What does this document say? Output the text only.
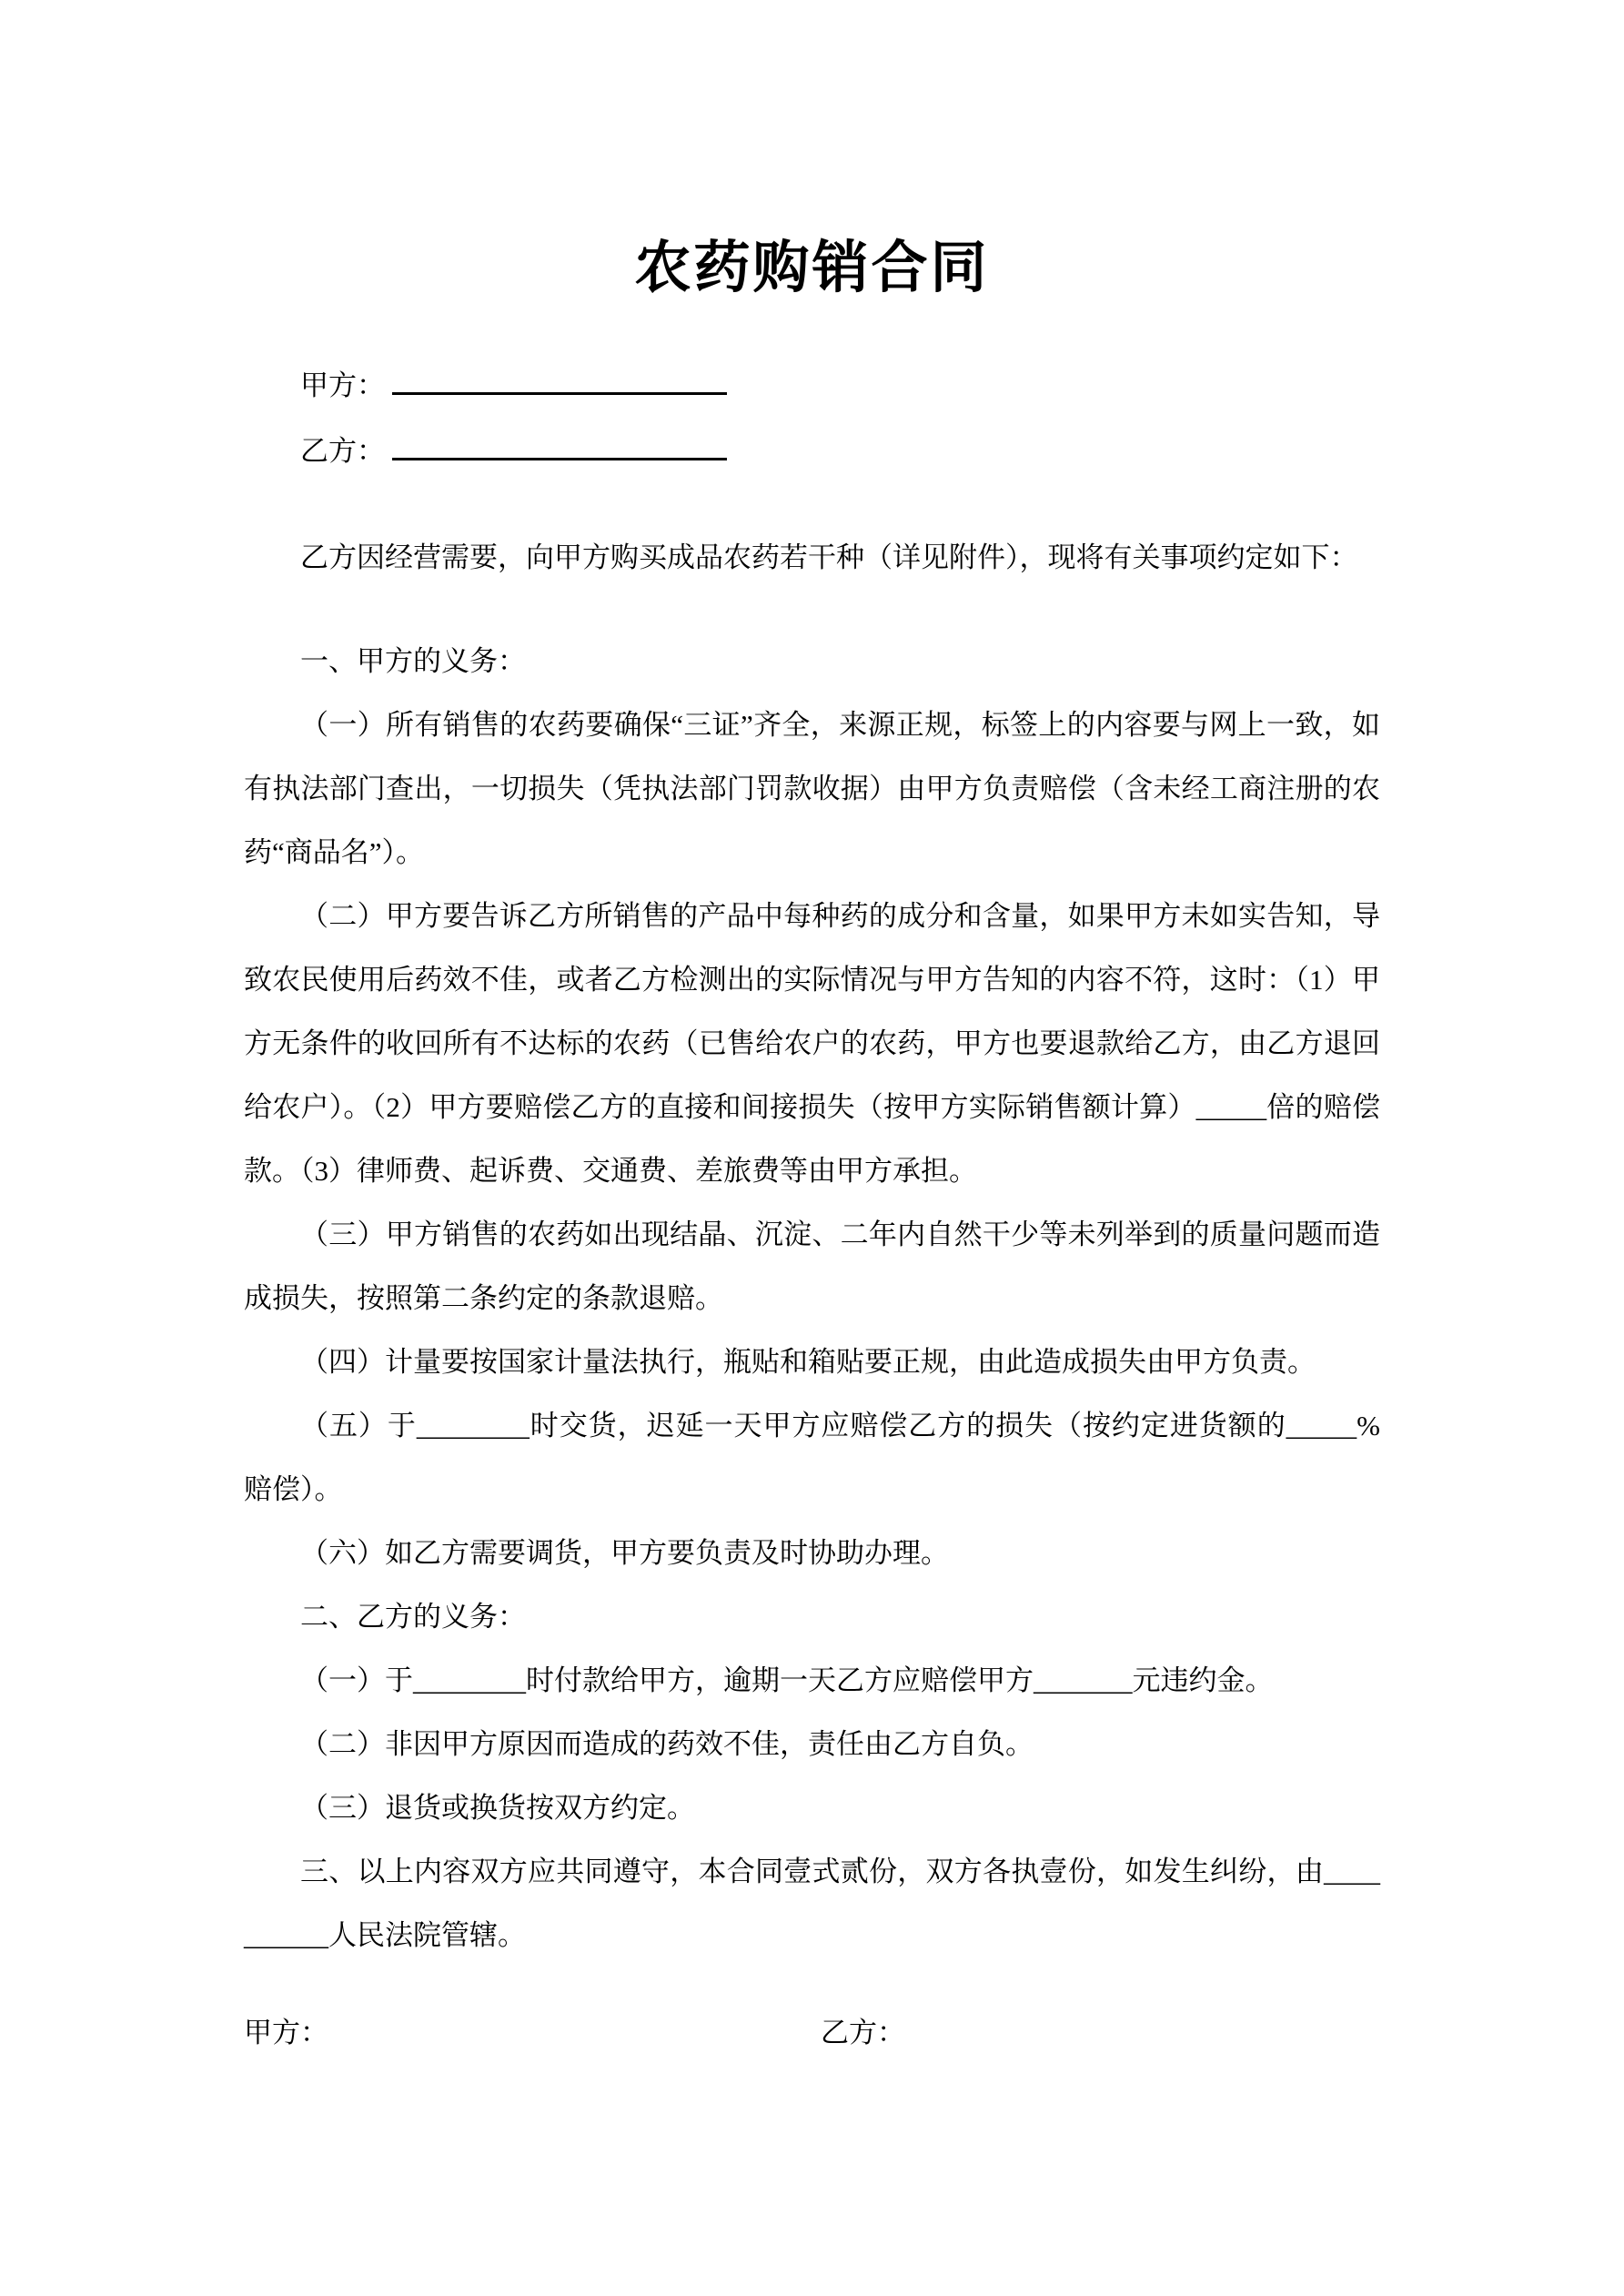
农药购销合同
甲方：
乙方：

乙方因经营需要，向甲方购买成品农药若干种（详见附件），现将有关事项约定如下：

一、甲方的义务：

（一）所有销售的农药要确保“三证”齐全，来源正规，标签上的内容要与网上一致，如有执法部门查出，一切损失（凭执法部门罚款收据）由甲方负责赔偿（含未经工商注册的农药“商品名”）。

（二）甲方要告诉乙方所销售的产品中每种药的成分和含量，如果甲方未如实告知，导致农民使用后药效不佳，或者乙方检测出的实际情况与甲方告知的内容不符，这时：（1）甲方无条件的收回所有不达标的农药（已售给农户的农药，甲方也要退款给乙方，由乙方退回给农户）。（2）甲方要赔偿乙方的直接和间接损失（按甲方实际销售额计算）_____倍的赔偿款。（3）律师费、起诉费、交通费、差旅费等由甲方承担。

（三）甲方销售的农药如出现结晶、沉淀、二年内自然干少等未列举到的质量问题而造成损失，按照第二条约定的条款退赔。

（四）计量要按国家计量法执行，瓶贴和箱贴要正规，由此造成损失由甲方负责。

（五）于________时交货，迟延一天甲方应赔偿乙方的损失（按约定进货额的_____%赔偿）。

（六）如乙方需要调货，甲方要负责及时协助办理。

二、乙方的义务：

（一）于________时付款给甲方，逾期一天乙方应赔偿甲方_______元违约金。

（二）非因甲方原因而造成的药效不佳，责任由乙方自负。

（三）退货或换货按双方约定。

三、以上内容双方应共同遵守，本合同壹式贰份，双方各执壹份，如发生纠纷，由__________人民法院管辖。

甲方：	乙方：
